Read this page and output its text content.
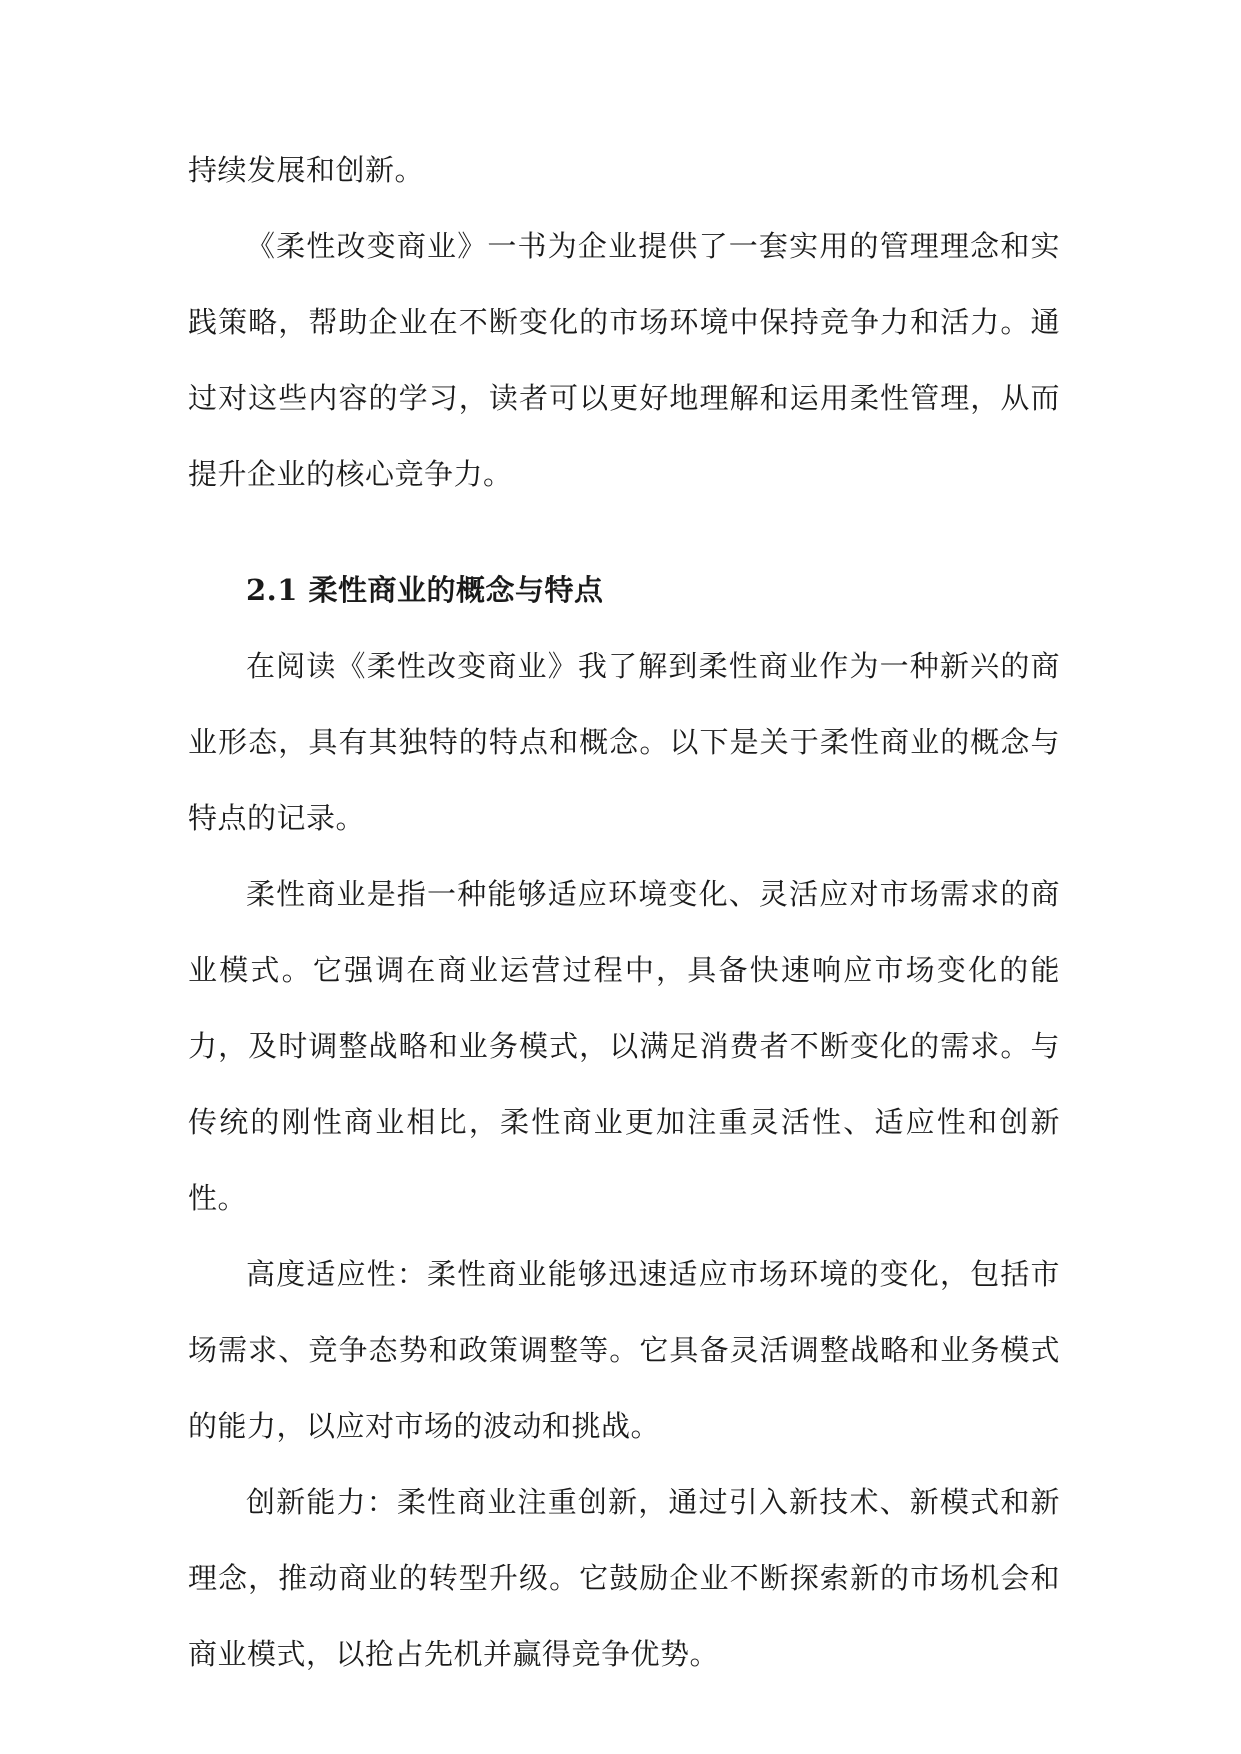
持续发展和创新。

《柔性改变商业》一书为企业提供了一套实用的管理理念和实践策略，帮助企业在不断变化的市场环境中保持竞争力和活力。通过对这些内容的学习，读者可以更好地理解和运用柔性管理，从而提升企业的核心竞争力。

2.1 柔性商业的概念与特点

在阅读《柔性改变商业》我了解到柔性商业作为一种新兴的商业形态，具有其独特的特点和概念。以下是关于柔性商业的概念与特点的记录。

柔性商业是指一种能够适应环境变化、灵活应对市场需求的商业模式。它强调在商业运营过程中，具备快速响应市场变化的能力，及时调整战略和业务模式，以满足消费者不断变化的需求。与传统的刚性商业相比，柔性商业更加注重灵活性、适应性和创新性。

高度适应性：柔性商业能够迅速适应市场环境的变化，包括市场需求、竞争态势和政策调整等。它具备灵活调整战略和业务模式的能力，以应对市场的波动和挑战。

创新能力：柔性商业注重创新，通过引入新技术、新模式和新理念，推动商业的转型升级。它鼓励企业不断探索新的市场机会和商业模式，以抢占先机并赢得竞争优势。
